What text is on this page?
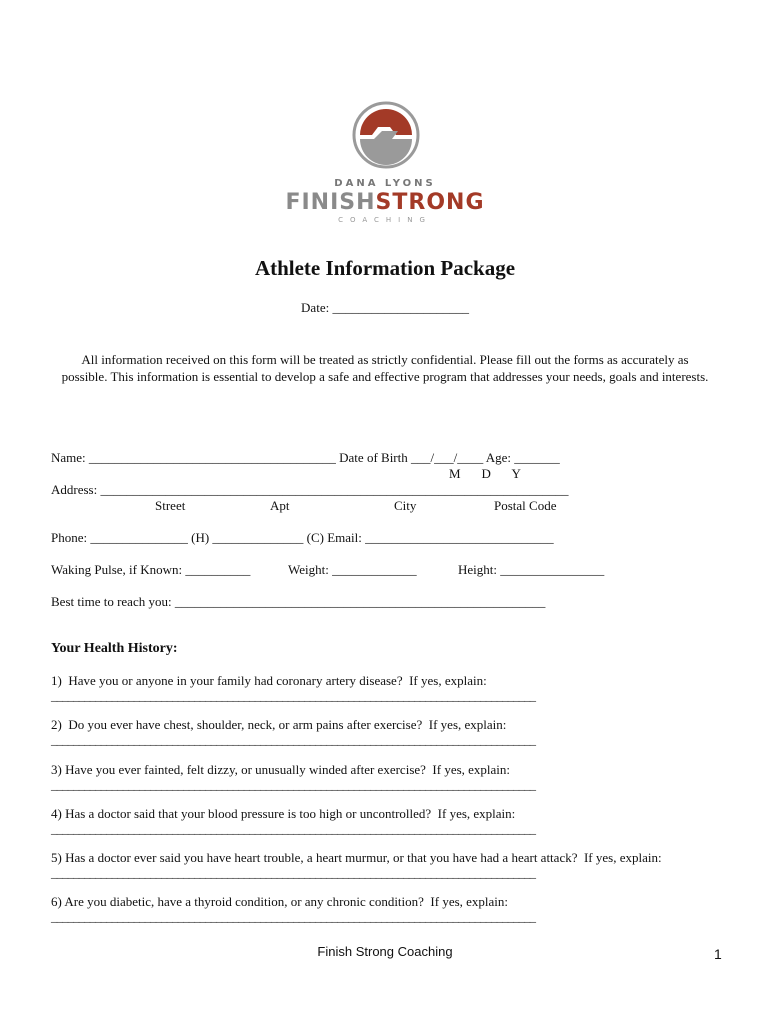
DANA LYONS
FINISHSTRONG
COACHING
Athlete Information Package
Date: _____________________
All information received on this form will be treated as strictly confidential. Please fill out the forms as accurately as possible. This information is essential to develop a safe and effective program that addresses your needs, goals and interests.
Name: ______________________________________ Date of Birth ___/___/____ Age: _______
M    D    Y
Address: ________________________________________________________________________
Street	Apt	City	Postal Code
Phone: _______________ (H) ______________ (C) Email: _____________________________
Waking Pulse, if Known: __________	Weight: _____________	Height: ________________
Best time to reach you: _________________________________________________________
Your Health History:
1)  Have you or anyone in your family had coronary artery disease?  If yes, explain:
________________________________________________________________________________________
2)  Do you ever have chest, shoulder, neck, or arm pains after exercise?  If yes, explain:
________________________________________________________________________________________
3) Have you ever fainted, felt dizzy, or unusually winded after exercise?  If yes, explain:
________________________________________________________________________________________
4) Has a doctor said that your blood pressure is too high or uncontrolled?  If yes, explain:
________________________________________________________________________________________
5) Has a doctor ever said you have heart trouble, a heart murmur, or that you have had a heart attack?  If yes, explain:
________________________________________________________________________________________
6) Are you diabetic, have a thyroid condition, or any chronic condition?  If yes, explain:
________________________________________________________________________________________
Finish Strong Coaching	1
